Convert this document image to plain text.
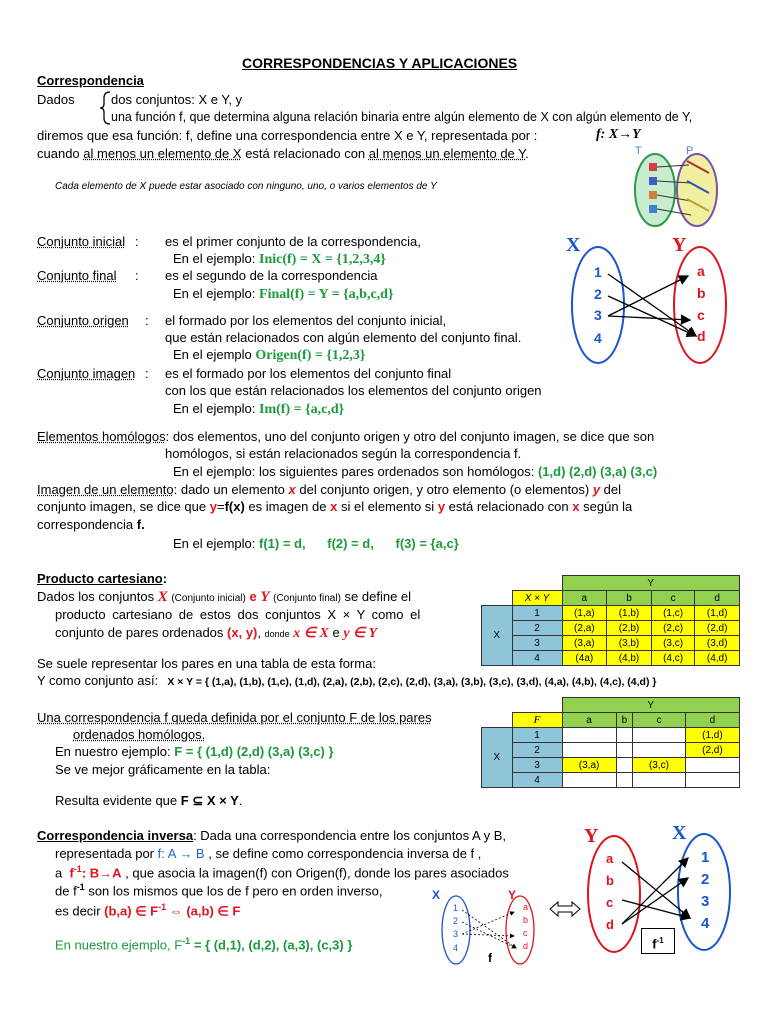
CORRESPONDENCIAS Y APLICACIONES
Correspondencia
Dados	dos conjuntos: X e Y, y
una función f, que determina alguna relación binaria entre algún elemento de X con algún elemento de Y,
diremos que esa función: f, define una correspondencia entre X e Y, representada por :	f: X→Y
cuando al menos un elemento de X está relacionado con al menos un elemento de Y.
Cada elemento de X puede estar asociado con ninguno, uno, o varios elementos de Y
T	P
Conjunto inicial : es el primer conjunto de la correspondencia,
En el ejemplo: Inic(f) = X = {1,2,3,4}
Conjunto final : es el segundo de la correspondencia
En el ejemplo: Final(f) = Y = {a,b,c,d}
Conjunto origen : el formado por los elementos del conjunto inicial,
que están relacionados con algún elemento del conjunto final.
En el ejemplo Origen(f) = {1,2,3}
Conjunto imagen : es el formado por los elementos del conjunto final
con los que están relacionados los elementos del conjunto origen
En el ejemplo: Im(f) = {a,c,d}
X	Y
1
2
3
4
a
b
c
d
Elementos homólogos: dos elementos, uno del conjunto origen y otro del conjunto imagen, se dice que son
homólogos, si están relacionados según la correspondencia f.
En el ejemplo: los siguientes pares ordenados son homólogos: (1,d) (2,d) (3,a) (3,c)
Imagen de un elemento: dado un elemento x del conjunto origen, y otro elemento (o elementos) y del
conjunto imagen, se dice que y=f(x) es imagen de x si el elemento si y está relacionado con x según la
correspondencia f.
En el ejemplo: f(1) = d,      f(2) = d,      f(3) = {a,c}
Producto cartesiano:
Dados los conjuntos X (Conjunto inicial) e Y (Conjunto final) se define el
producto cartesiano de estos dos conjuntos X × Y como el
conjunto de pares ordenados (x, y), donde x ∈ X e y ∈ Y
Se suele representar los pares en una tabla de esta forma:
Y como conjunto así: X × Y = { (1,a), (1,b), (1,c), (1,d), (2,a), (2,b), (2,c), (2,d), (3,a), (3,b), (3,c), (3,d), (4,a), (4,b), (4,c), (4,d) }
		Y			
	X × Y	a	b	c	d
X	1	(1,a)	(1,b)	(1,c)	(1,d)
	2	(2,a)	(2,b)	(2,c)	(2,d)
	3	(3,a)	(3,b)	(3,c)	(3,d)
	4	(4a)	(4,b)	(4,c)	(4,d)
Una correspondencia f queda definida por el conjunto F de los pares
ordenados homólogos.
En nuestro ejemplo: F = { (1,d) (2,d) (3,a) (3,c) }
Se ve mejor gráficamente en la tabla:
Resulta evidente que F ⊆ X × Y.
		Y			
	F	a	b	c	d
X	1				(1,d)
	2				(2,d)
	3	(3,a)		(3,c)	
	4				
Correspondencia inversa: Dada una correspondencia entre los conjuntos A y B,
representada por f: A → B , se define como correspondencia inversa de f ,
a $f^{-1}$: B→A , que asocia la imagen(f) con Origen(f), donde los pares asociados
de $f^{-1}$ son los mismos que los de f pero en orden inverso,
es decir (b,a) ∈ $F^{-1}$ ⇔ (a,b) ∈ F
En nuestro ejemplo, $F^{-1}$ = { (d,1), (d,2), (a,3), (c,3) }
X	Y
1
2
3
4
a
b
c
d
f
Y	X
a
b
c
d
1
2
3
4
$f^{-1}$
